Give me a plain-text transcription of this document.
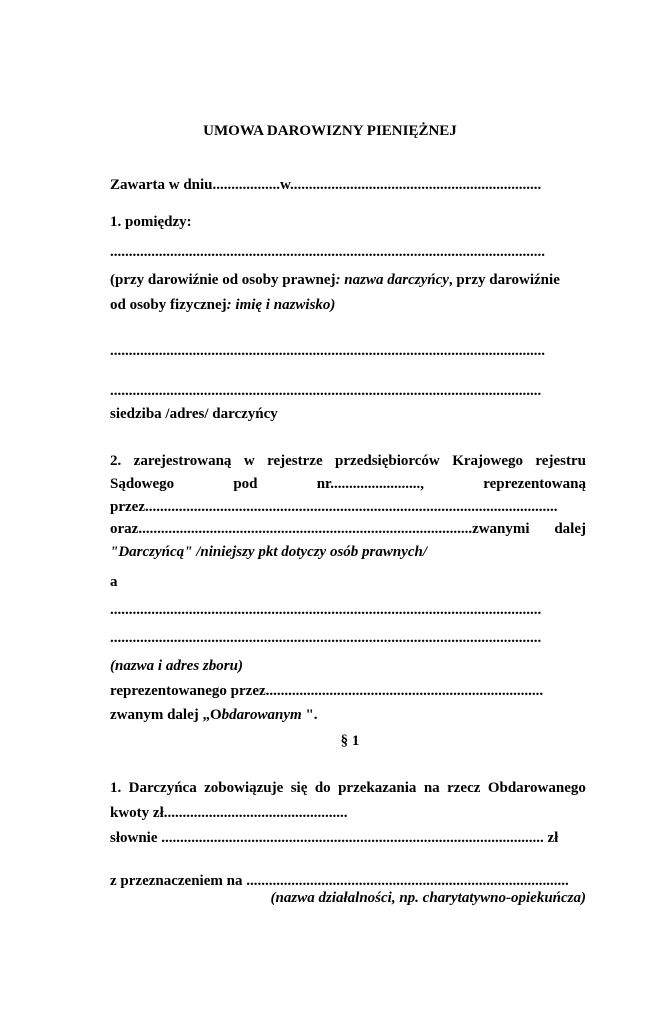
UMOWA DAROWIZNY PIENIĘŻNEJ
Zawarta w dniu..................w...................................................................
1. pomiędzy:
....................................................................................................................
(przy darowiźnie od osoby prawnej: nazwa darczyńcy, przy darowiźnie
od osoby fizycznej: imię i nazwisko)
....................................................................................................................
...................................................................................................................
siedziba /adres/ darczyńcy
2. zarejestrowaną w rejestrze przedsiębiorców Krajowego rejestru
Sądowego	pod	nr........................,	reprezentowaną
przez..............................................................................................................
oraz.........................................................................................zwanymi dalej
"Darczyńcą" /niniejszy pkt dotyczy osób prawnych/
a
...................................................................................................................
...................................................................................................................
(nazwa i adres zboru)
reprezentowanego przez..........................................................................
zwanym dalej „Obdarowanym ".
§ 1
1. Darczyńca zobowiązuje się do przekazania na rzecz Obdarowanego
kwoty zł.................................................
słownie ...................................................................................................... zł
z przeznaczeniem na ......................................................................................
(nazwa działalności, np. charytatywno-opiekuńcza)
